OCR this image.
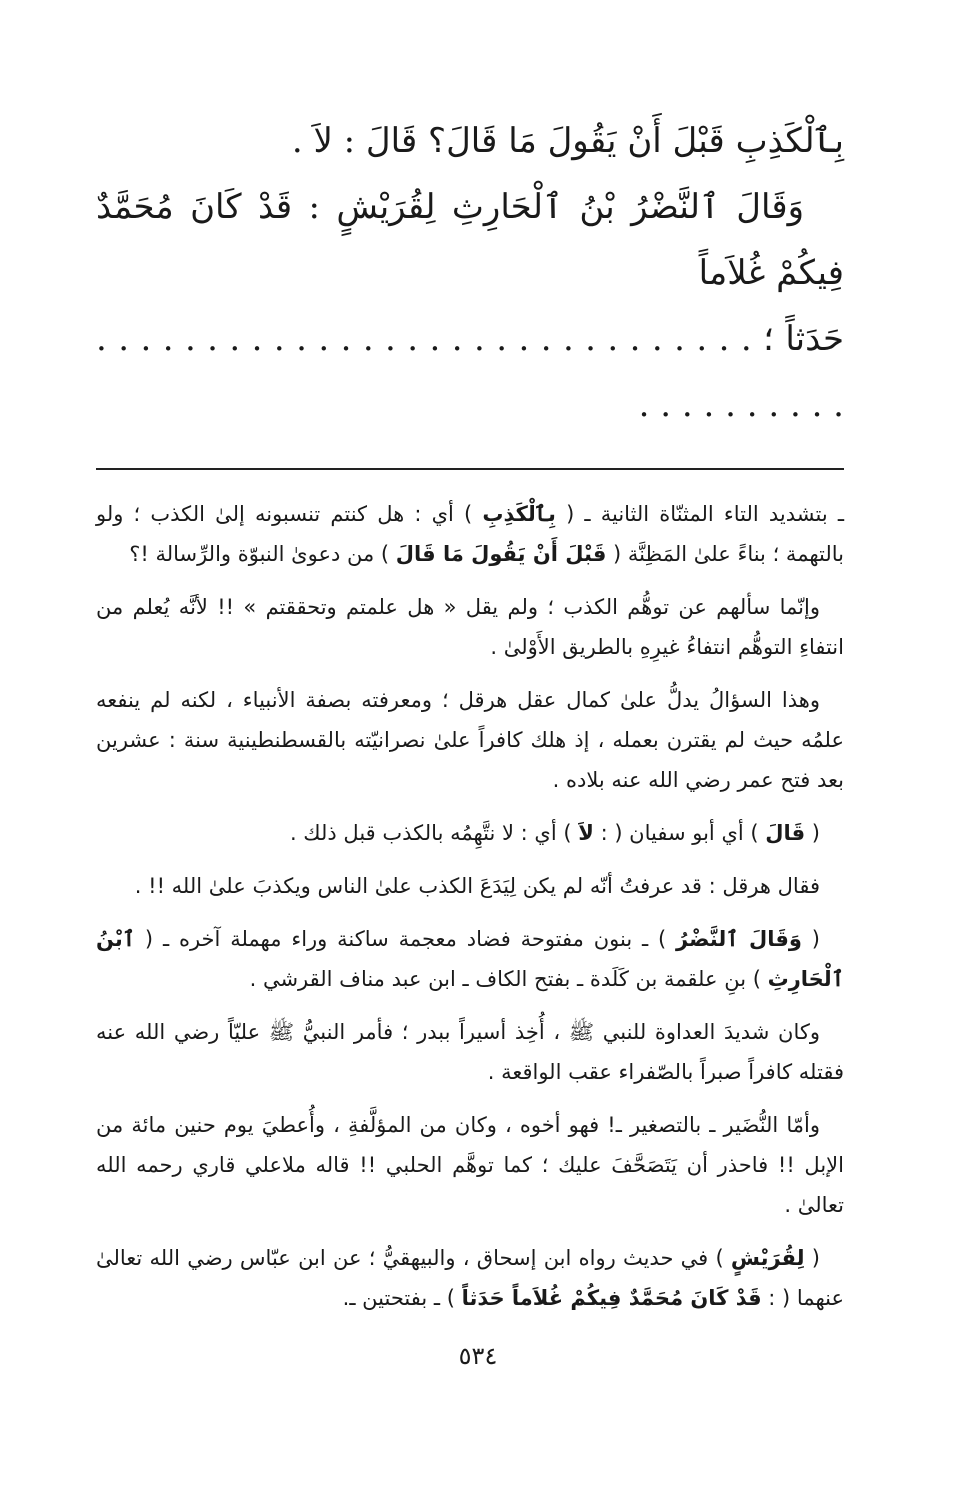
بِٱلْكَذِبِ قَبْلَ أَنْ يَقُولَ مَا قَالَ؟ قَالَ : لاَ .

وَقَالَ ٱلنَّضْرُ بْنُ ٱلْحَارِثِ لِقُرَيْشٍ : قَدْ كَانَ مُحَمَّدٌ فِيكُمْ غُلاَماً

حَدَثاً ؛ . . . . . . . . . . . . . . . . . . . . . . . . . . . . . . . . . . . . . . . .

ـ بتشديد التاء المثنّاة الثانية ـ ( بِٱلْكَذِبِ ) أي : هل كنتم تنسبونه إلىٰ الكذب ؛ ولو بالتهمة ؛ بناءً علىٰ المَظِنَّة ( قَبْلَ أَنْ يَقُولَ مَا قَالَ ) من دعوىٰ النبوّة والرِّسالة !؟

وإنّما سألهم عن توهُّم الكذب ؛ ولم يقل « هل علمتم وتحققتم » !! لأنَّه يُعلم من انتفاءِ التوهُّم انتفاءُ غيرِهِ بالطريق الأَوْلىٰ .

وهذا السؤالُ يدلُّ علىٰ كمال عقل هرقل ؛ ومعرفته بصفة الأنبياء ، لكنه لم ينفعه علمُه حيث لم يقترن بعمله ، إذ هلك كافراً علىٰ نصرانيّته بالقسطنطينية سنة : عشرين بعد فتح عمر رضي الله عنه بلاده .

( قَالَ ) أي أبو سفيان ( : لاَ ) أي : لا نتَّهِمُه بالكذب قبل ذلك .

فقال هرقل : قد عرفتُ أنّه لم يكن لِيَدَعَ الكذب علىٰ الناس ويكذبَ علىٰ الله !! .

( وَقَالَ ٱلنَّضْرُ ) ـ بنون مفتوحة فضاد معجمة ساكنة وراء مهملة آخره ـ ( ٱبْنُ ٱلْحَارِثِ ) بنِ علقمة بن كَلَدة ـ بفتح الكاف ـ ابن عبد مناف القرشي .

وكان شديدَ العداوة للنبي ﷺ ، أُخِذ أسيراً ببدر ؛ فأمر النبيُّ ﷺ عليّاً رضي الله عنه فقتله كافراً صبراً بالصّفراء عقب الواقعة .

وأمّا النُّضَير ـ بالتصغير ـ! فهو أخوه ، وكان من المؤلَّفةِ ، وأُعطيَ يوم حنين مائة من الإبل !! فاحذر أن يَتَصَحَّفَ عليك ؛ كما توهَّم الحلبي !! قاله ملاعلي قاري رحمه الله تعالىٰ .

( لِقُرَيْشٍ ) في حديث رواه ابن إسحاق ، والبيهقيُّ ؛ عن ابن عبّاس رضي الله تعالىٰ عنهما ( : قَدْ كَانَ مُحَمَّدٌ فِيكُمْ غُلاَماً حَدَثاً ) ـ بفتحتين ـ.

٥٣٤
